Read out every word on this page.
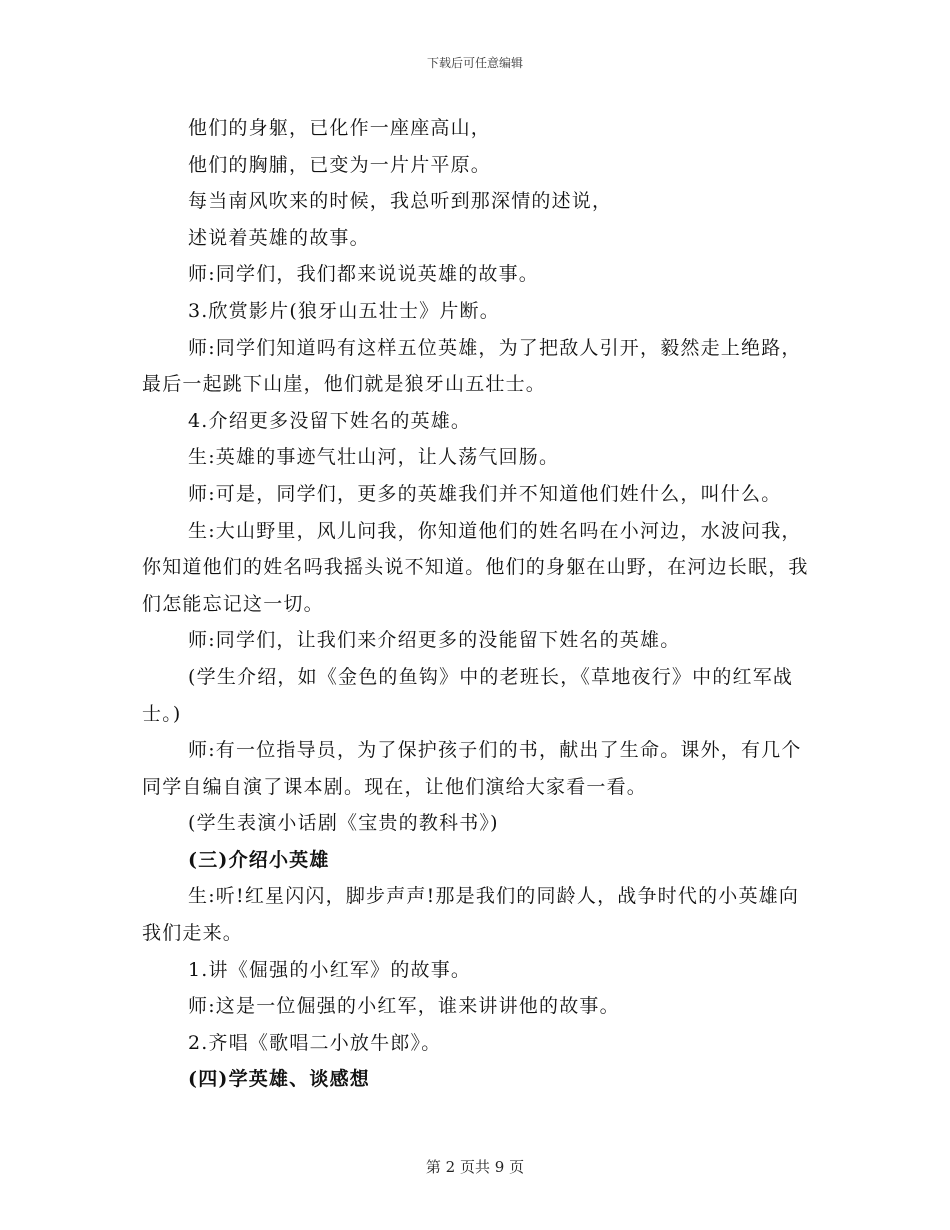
下载后可任意编辑

他们的身躯，已化作一座座高山，

他们的胸脯，已变为一片片平原。

每当南风吹来的时候，我总听到那深情的述说，

述说着英雄的故事。

师:同学们，我们都来说说英雄的故事。

3.欣赏影片(狼牙山五壮士》片断。

师:同学们知道吗有这样五位英雄，为了把敌人引开，毅然走上绝路，最后一起跳下山崖，他们就是狼牙山五壮士。

4.介绍更多没留下姓名的英雄。

生:英雄的事迹气壮山河，让人荡气回肠。

师:可是，同学们，更多的英雄我们并不知道他们姓什么，叫什么。

生:大山野里，风儿问我，你知道他们的姓名吗在小河边，水波问我，你知道他们的姓名吗我摇头说不知道。他们的身躯在山野，在河边长眠，我们怎能忘记这一切。

师:同学们，让我们来介绍更多的没能留下姓名的英雄。

(学生介绍，如《金色的鱼钩》中的老班长，《草地夜行》中的红军战士。)

师:有一位指导员，为了保护孩子们的书，献出了生命。课外，有几个同学自编自演了课本剧。现在，让他们演给大家看一看。

(学生表演小话剧《宝贵的教科书》)

(三)介绍小英雄

生:听!红星闪闪，脚步声声!那是我们的同龄人，战争时代的小英雄向我们走来。

1.讲《倔强的小红军》的故事。

师:这是一位倔强的小红军，谁来讲讲他的故事。

2.齐唱《歌唱二小放牛郎》。

(四)学英雄、谈感想

第 2 页共 9 页
